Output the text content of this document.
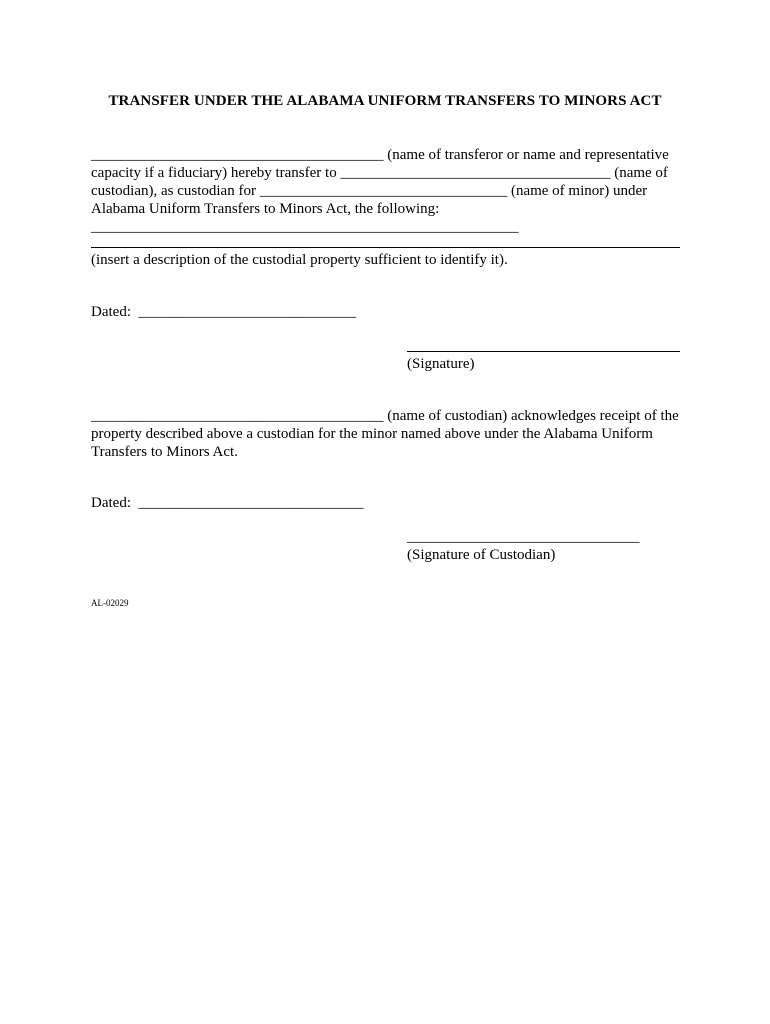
TRANSFER UNDER THE ALABAMA UNIFORM TRANSFERS TO MINORS ACT
_______________________________________ (name of transferor or name and representative
capacity if a fiduciary) hereby transfer to ____________________________________ (name of
custodian), as custodian for _________________________________ (name of minor) under
Alabama Uniform Transfers to Minors Act, the following:
_________________________________________________________
(insert a description of the custodial property sufficient to identify it).
Dated:  _____________________________
(Signature)
_______________________________________ (name of custodian) acknowledges receipt of the
property described above a custodian for the minor named above under the Alabama Uniform
Transfers to Minors Act.
Dated:  ______________________________
_______________________________
(Signature of Custodian)
AL-02029
